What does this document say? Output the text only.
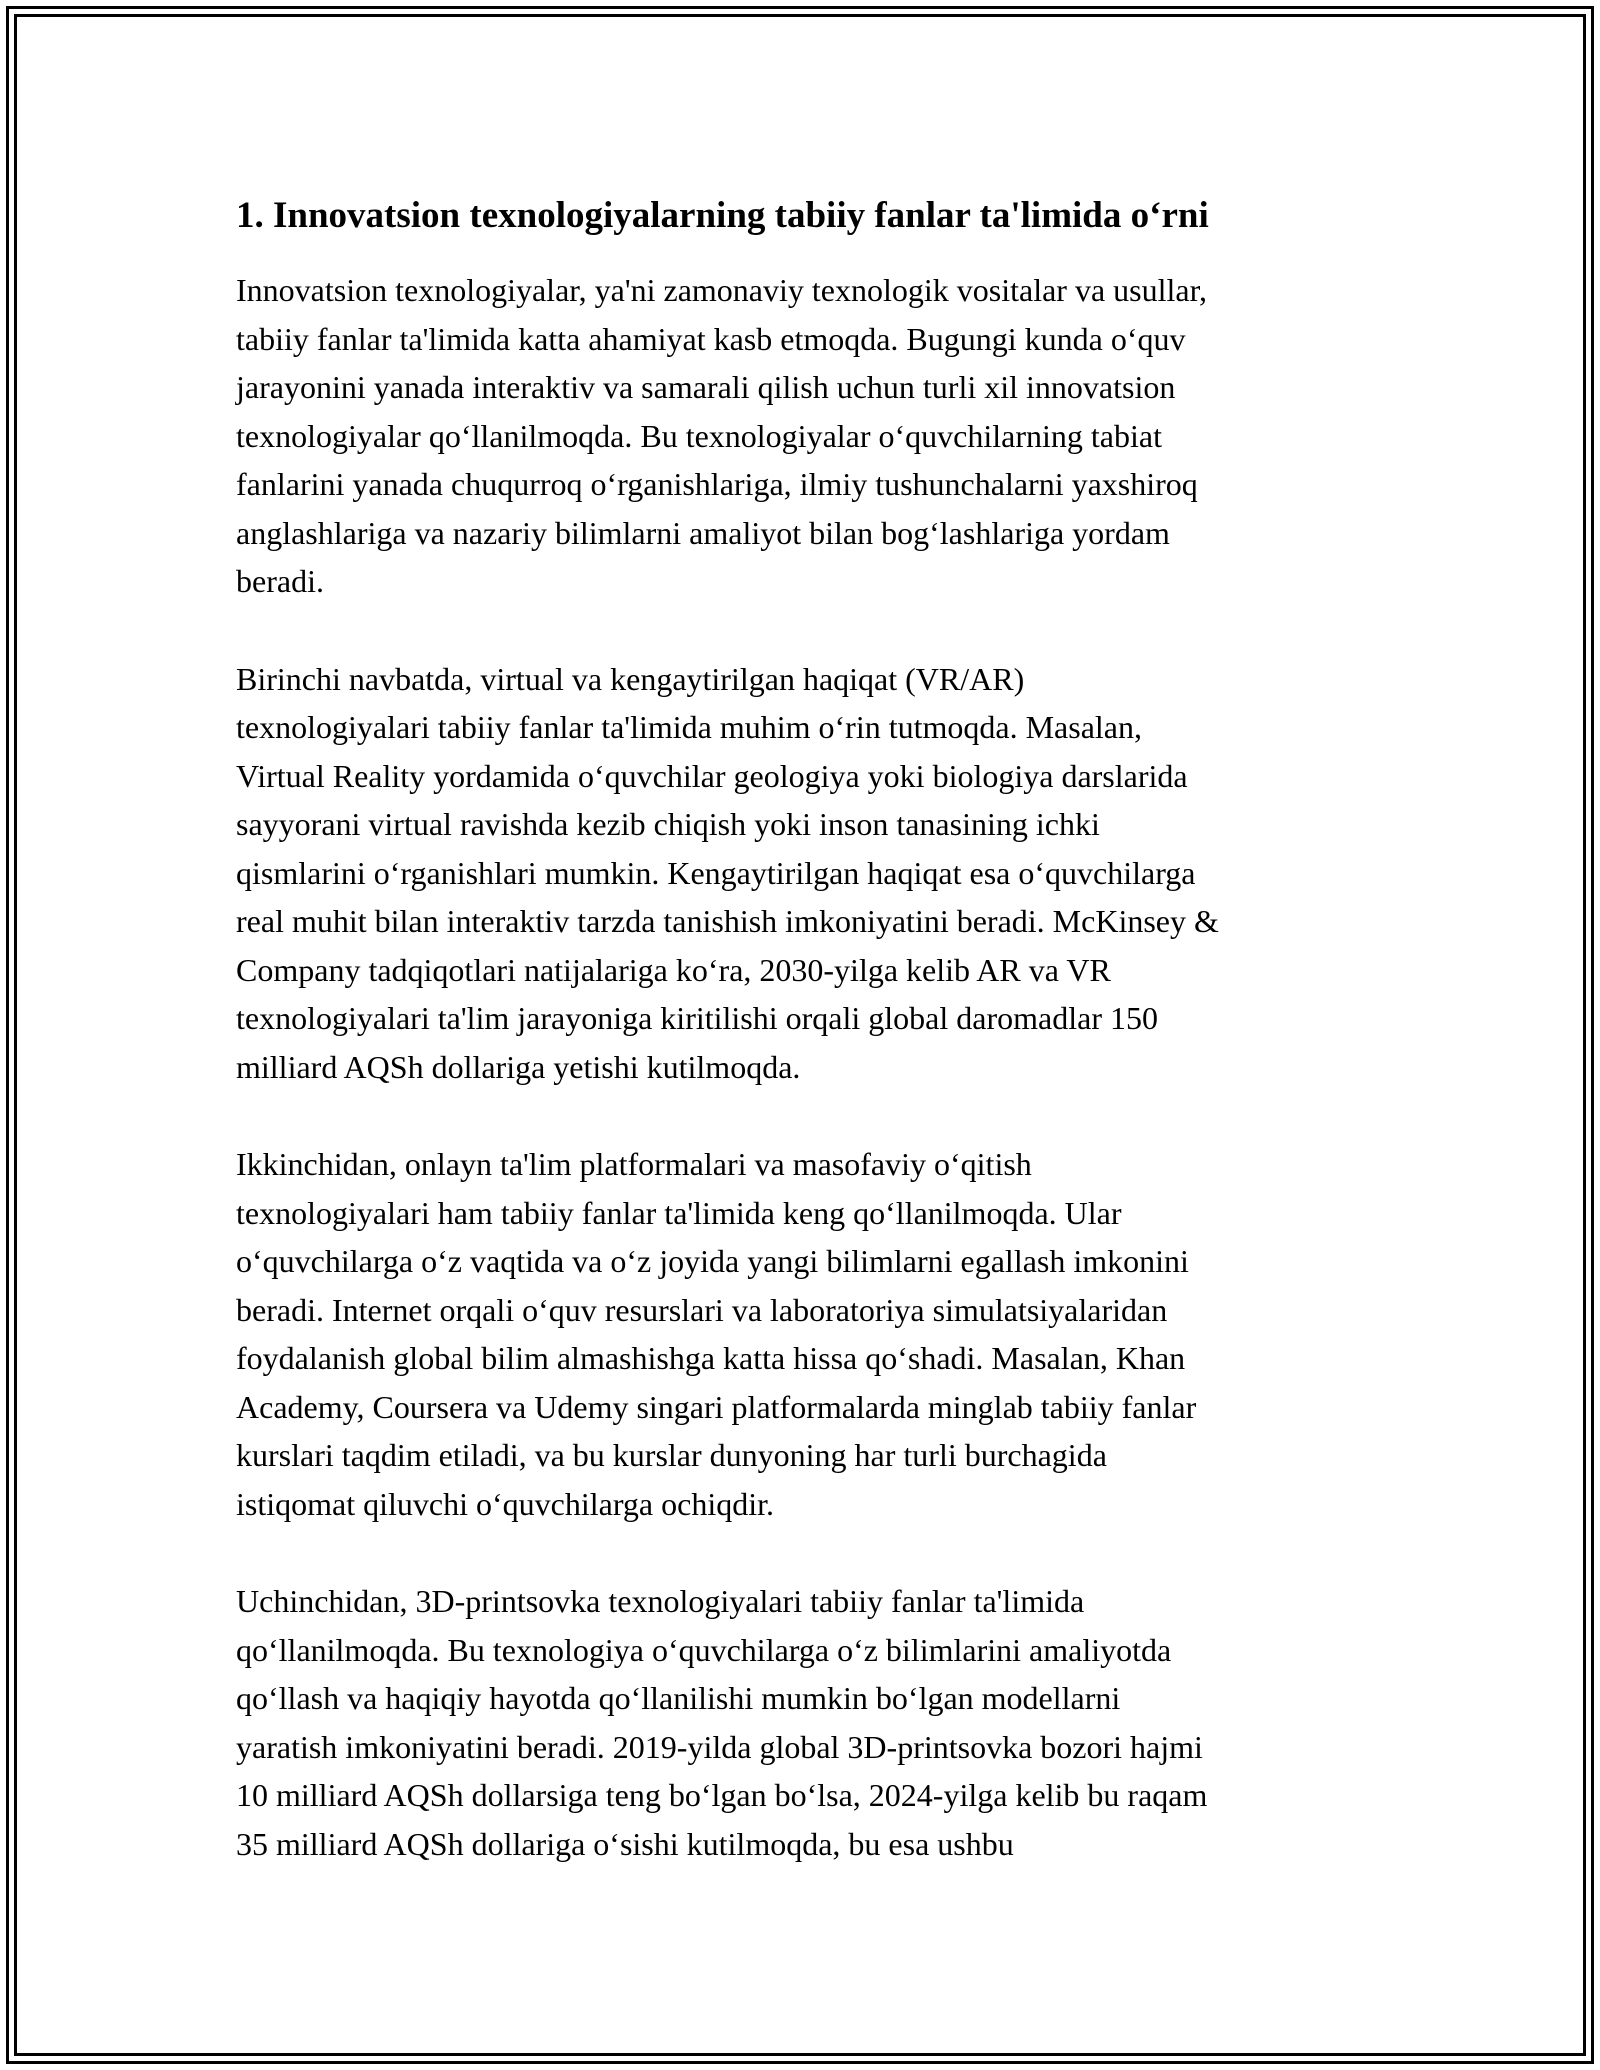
1. Innovatsion texnologiyalarning tabiiy fanlar ta'limida o‘rni

Innovatsion texnologiyalar, ya'ni zamonaviy texnologik vositalar va usullar,
tabiiy fanlar ta'limida katta ahamiyat kasb etmoqda. Bugungi kunda o‘quv
jarayonini yanada interaktiv va samarali qilish uchun turli xil innovatsion
texnologiyalar qo‘llanilmoqda. Bu texnologiyalar o‘quvchilarning tabiat
fanlarini yanada chuqurroq o‘rganishlariga, ilmiy tushunchalarni yaxshiroq
anglashlariga va nazariy bilimlarni amaliyot bilan bog‘lashlariga yordam
beradi.

Birinchi navbatda, virtual va kengaytirilgan haqiqat (VR/AR)
texnologiyalari tabiiy fanlar ta'limida muhim o‘rin tutmoqda. Masalan,
Virtual Reality yordamida o‘quvchilar geologiya yoki biologiya darslarida
sayyorani virtual ravishda kezib chiqish yoki inson tanasining ichki
qismlarini o‘rganishlari mumkin. Kengaytirilgan haqiqat esa o‘quvchilarga
real muhit bilan interaktiv tarzda tanishish imkoniyatini beradi. McKinsey &
Company tadqiqotlari natijalariga ko‘ra, 2030-yilga kelib AR va VR
texnologiyalari ta'lim jarayoniga kiritilishi orqali global daromadlar 150
milliard AQSh dollariga yetishi kutilmoqda.

Ikkinchidan, onlayn ta'lim platformalari va masofaviy o‘qitish
texnologiyalari ham tabiiy fanlar ta'limida keng qo‘llanilmoqda. Ular
o‘quvchilarga o‘z vaqtida va o‘z joyida yangi bilimlarni egallash imkonini
beradi. Internet orqali o‘quv resurslari va laboratoriya simulatsiyalaridan
foydalanish global bilim almashishga katta hissa qo‘shadi. Masalan, Khan
Academy, Coursera va Udemy singari platformalarda minglab tabiiy fanlar
kurslari taqdim etiladi, va bu kurslar dunyoning har turli burchagida
istiqomat qiluvchi o‘quvchilarga ochiqdir.

Uchinchidan, 3D-printsovka texnologiyalari tabiiy fanlar ta'limida
qo‘llanilmoqda. Bu texnologiya o‘quvchilarga o‘z bilimlarini amaliyotda
qo‘llash va haqiqiy hayotda qo‘llanilishi mumkin bo‘lgan modellarni
yaratish imkoniyatini beradi. 2019-yilda global 3D-printsovka bozori hajmi
10 milliard AQSh dollarsiga teng bo‘lgan bo‘lsa, 2024-yilga kelib bu raqam
35 milliard AQSh dollariga o‘sishi kutilmoqda, bu esa ushbu
